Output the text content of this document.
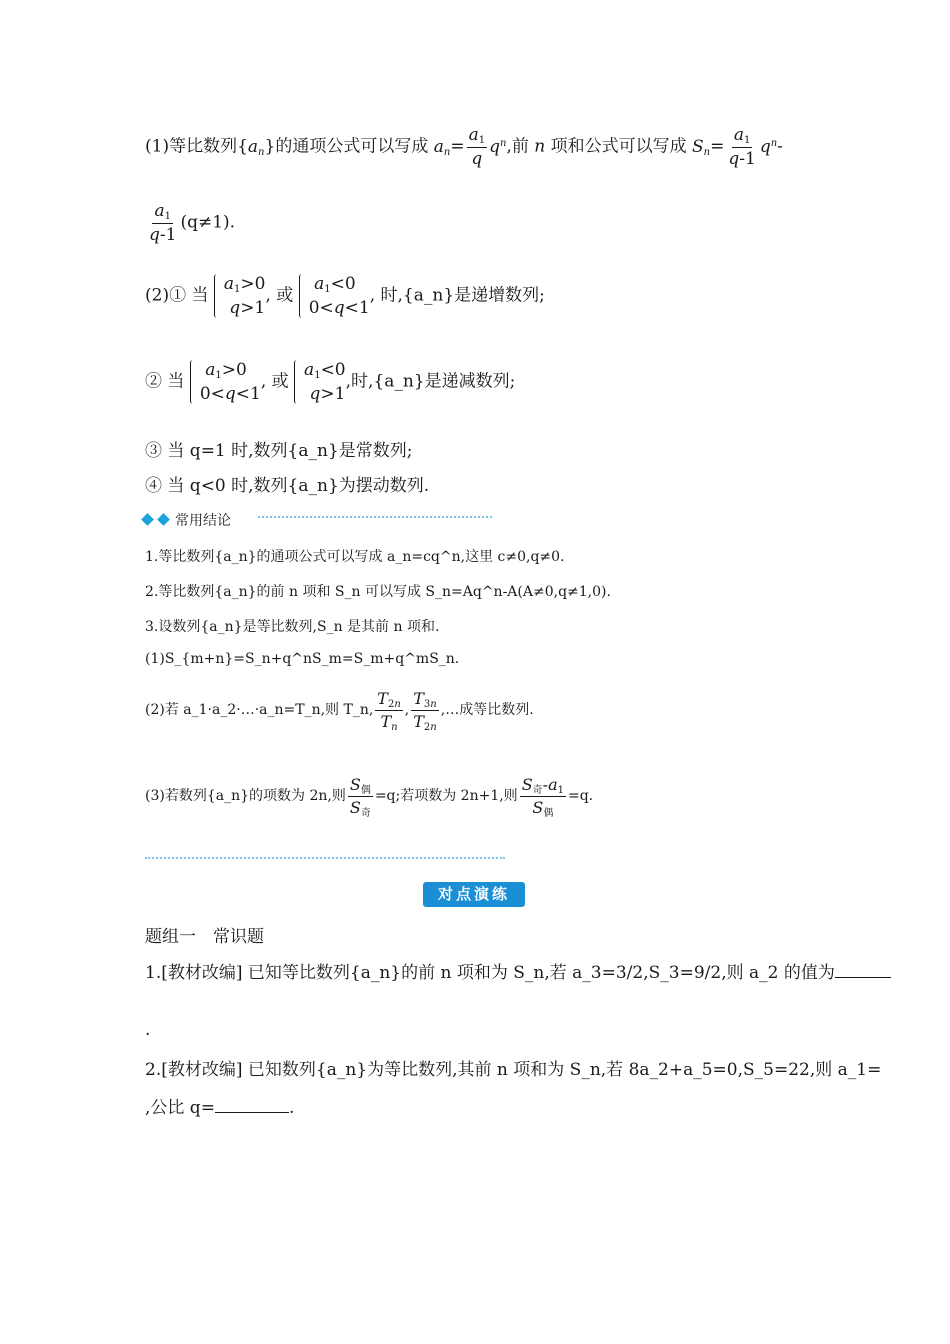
(1)等比数列$\{a_n\}$的通项公式可以写成 $a_n= \frac{a_1}{q} q^n$,前 n 项和公式可以写成 $S_n= \frac{a_1}{q-1} q^n-$
$\frac{a_1}{q-1} (q\ne 1)$.
(2)① 当
$a_1>0$
q>1
, 或
$a_1<0$
0<q<1
, 时,{a_n}是递增数列;
② 当
$a_1>0$
0<q<1
, 或
$a_1<0$
q>1
,时,{a_n}是递减数列;
③ 当 q=1 时,数列{a_n}是常数列;
④ 当 q<0 时,数列{a_n}为摆动数列.
常用结论
1.等比数列{a_n}的通项公式可以写成 a_n=cq^n,这里 c≠0,q≠0.
2.等比数列{a_n}的前 n 项和 S_n 可以写成 S_n=Aq^n-A(A≠0,q≠1,0).
3.设数列{a_n}是等比数列,S_n 是其前 n 项和.
(1)S_{m+n}=S_n+q^nS_m=S_m+q^mS_n.
(2)若 a_1·a_2·…·a_n=T_n,则 T_n, $\frac{T_{2n}}{T_n}$ , $\frac{T_{3n}}{T_{2n}}$ ,…成等比数列.
(3)若数列{a_n}的项数为 2n,则 $\frac{S_偶}{S_奇} =q$;若项数为 2n+1,则 $\frac{S_奇-a_1}{S_偶} =q$.
对点演练
题组一　常识题
1.[教材改编] 已知等比数列{a_n}的前 n 项和为 S_n,若 a_3=3/2,S_3=9/2,则 a_2 的值为
.
2.[教材改编] 已知数列{a_n}为等比数列,其前 n 项和为 S_n,若 8a_2+a_5=0,S_5=22,则 a_1=
,公比 q=	.
